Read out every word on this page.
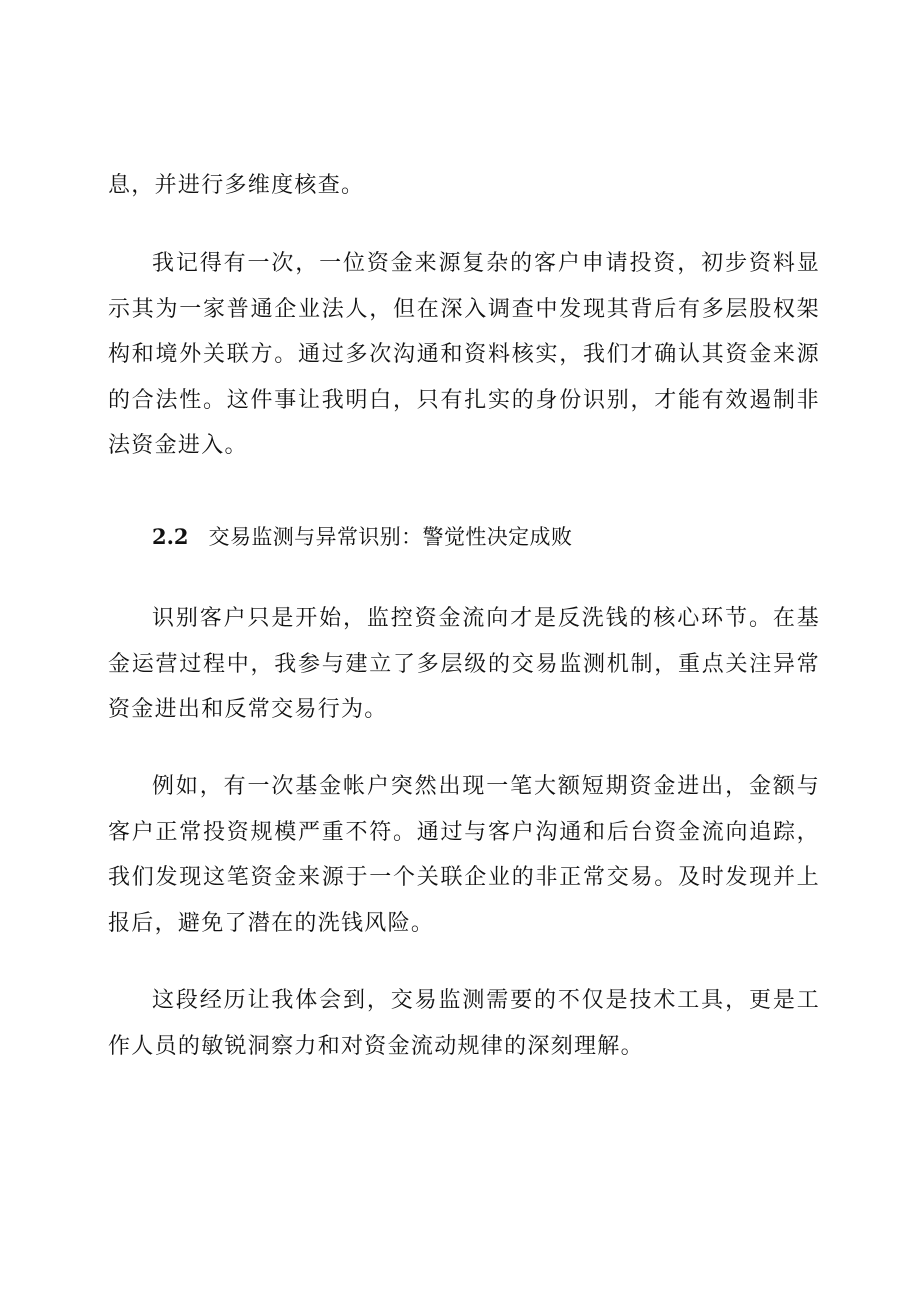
息，并进行多维度核查。

我记得有一次，一位资金来源复杂的客户申请投资，初步资料显示其为一家普通企业法人，但在深入调查中发现其背后有多层股权架构和境外关联方。通过多次沟通和资料核实，我们才确认其资金来源的合法性。这件事让我明白，只有扎实的身份识别，才能有效遏制非法资金进入。

2.2 交易监测与异常识别：警觉性决定成败

识别客户只是开始，监控资金流向才是反洗钱的核心环节。在基金运营过程中，我参与建立了多层级的交易监测机制，重点关注异常资金进出和反常交易行为。

例如，有一次基金帐户突然出现一笔大额短期资金进出，金额与客户正常投资规模严重不符。通过与客户沟通和后台资金流向追踪，我们发现这笔资金来源于一个关联企业的非正常交易。及时发现并上报后，避免了潜在的洗钱风险。

这段经历让我体会到，交易监测需要的不仅是技术工具，更是工作人员的敏锐洞察力和对资金流动规律的深刻理解。
